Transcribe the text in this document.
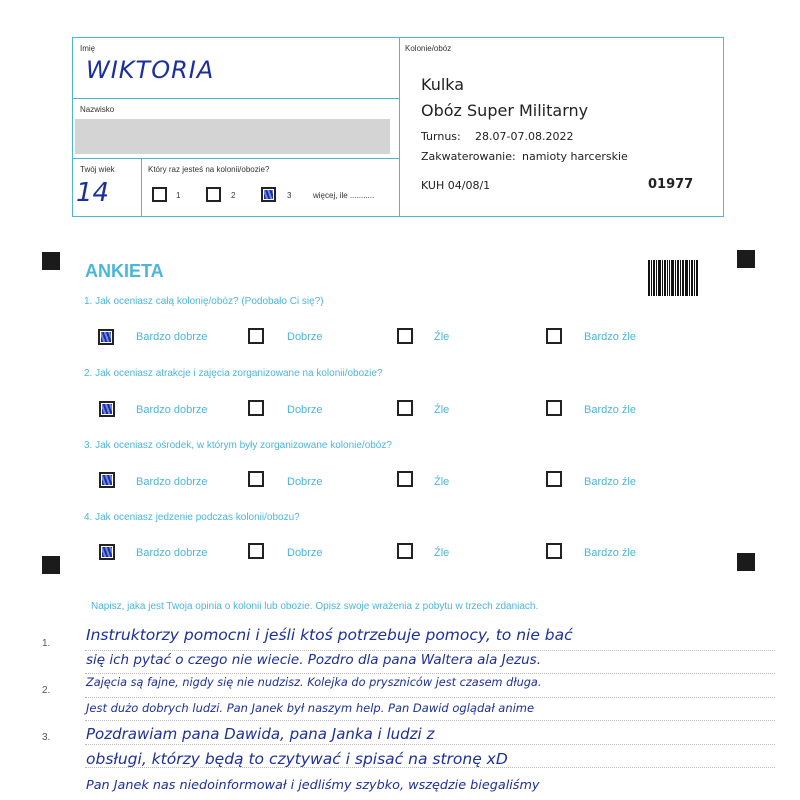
Imię
WIKTORIA
Nazwisko
Twój wiek
14
Który raz jesteś na kolonii/obozie?
1	2	3	więcej, ile ...........
Kolonie/obóz
Kulka
Obóz Super Militarny
Turnus: 28.07-07.08.2022
Zakwaterowanie: namioty harcerskie
KUH 04/08/1	01977
ANKIETA
1. Jak oceniasz całą kolonię/obóz? (Podobało Ci się?)
Bardzo dobrze	Dobrze	Źle	Bardzo źle
2. Jak oceniasz atrakcje i zajęcia zorganizowane na kolonii/obozie?
Bardzo dobrze	Dobrze	Źle	Bardzo źle
3. Jak oceniasz ośrodek, w którym były zorganizowane kolonie/obóz?
Bardzo dobrze	Dobrze	Źle	Bardzo źle
4. Jak oceniasz jedzenie podczas kolonii/obozu?
Bardzo dobrze	Dobrze	Źle	Bardzo źle
Napisz, jaka jest Twoja opinia o kolonii lub obozie. Opisz swoje wrażenia z pobytu w trzech zdaniach.
1.
2.
3.
Instruktorzy pomocni i jeśli ktoś potrzebuje pomocy, to nie bać
się ich pytać o czego nie wiecie. Pozdro dla pana Waltera ala Jezus.
Zajęcia są fajne, nigdy się nie nudzisz. Kolejka do pryszniców jest czasem długa.
Jest dużo dobrych ludzi. Pan Janek był naszym help. Pan Dawid oglądał anime
Pozdrawiam pana Dawida, pana Janka i ludzi z
obsługi, którzy będą to czytywać i spisać na stronę xD
Pan Janek nas niedoinformował i jedliśmy szybko, wszędzie biegaliśmy
